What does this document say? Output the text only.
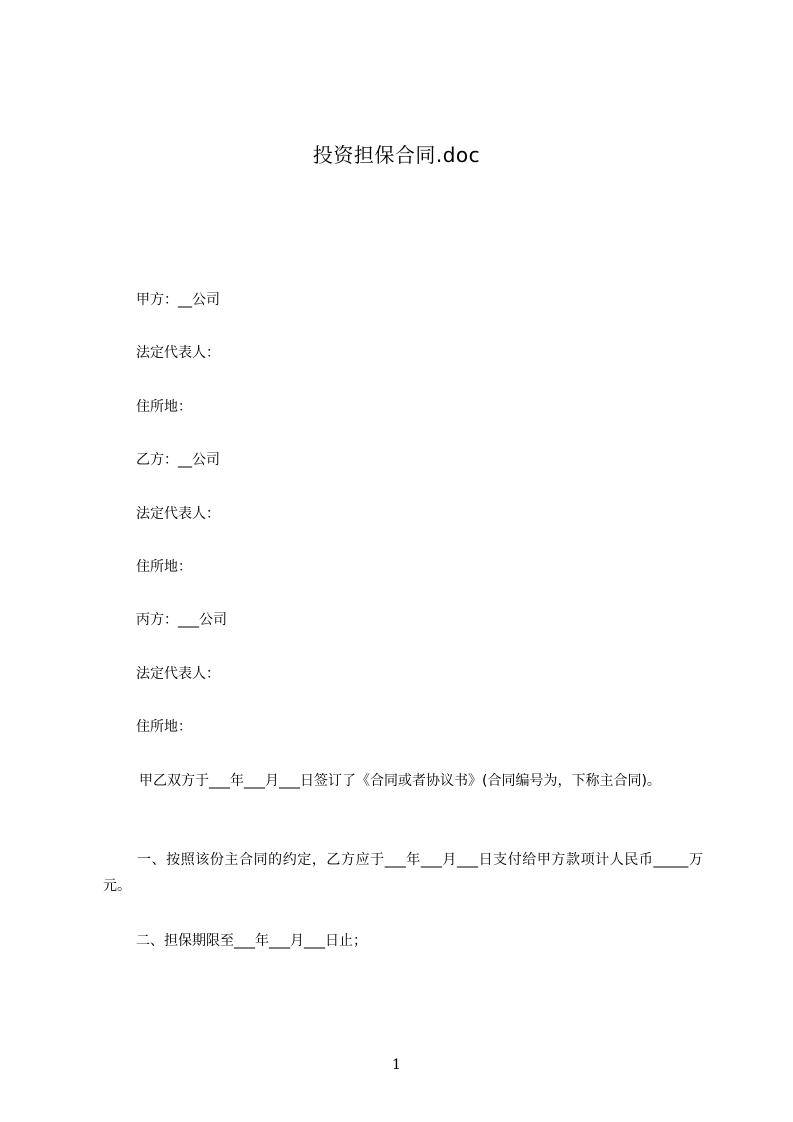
投资担保合同.doc
甲方：__公司
法定代表人：
住所地：
乙方：__公司
法定代表人：
住所地：
丙方：___公司
法定代表人：
住所地：
甲乙双方于___年___月___日签订了《合同或者协议书》(合同编号为，下称主合同)。
一、按照该份主合同的约定，乙方应于___年___月___日支付给甲方款项计人民币_____万元。
二、担保期限至___年___月___日止；
1
